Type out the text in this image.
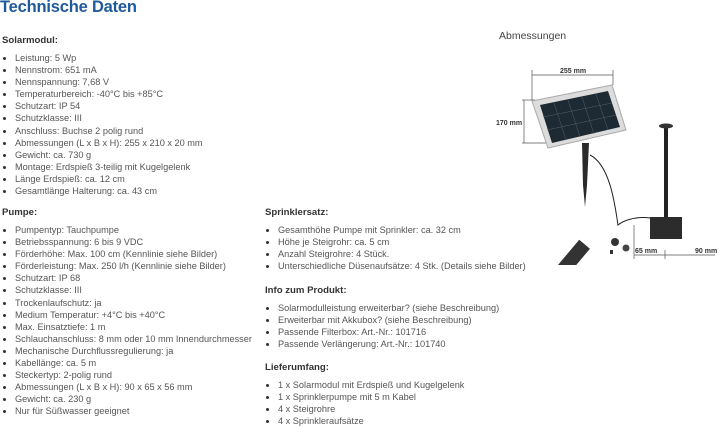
Technische Daten
Solarmodul:
Leistung: 5 Wp
Nennstrom: 651 mA
Nennspannung: 7,68 V
Temperaturbereich: -40°C bis +85°C
Schutzart: IP 54
Schutzklasse: III
Anschluss: Buchse 2 polig rund
Abmessungen (L x B x H): 255 x 210 x 20 mm
Gewicht: ca. 730 g
Montage: Erdspieß 3-teilig mit Kugelgelenk
Länge Erdspieß: ca. 12 cm
Gesamtlänge Halterung: ca. 43 cm
Pumpe:
Pumpentyp: Tauchpumpe
Betriebsspannung: 6 bis 9 VDC
Förderhöhe: Max. 100 cm (Kennlinie siehe Bilder)
Förderleistung: Max. 250 l/h (Kennlinie siehe Bilder)
Schutzart: IP 68
Schutzklasse: III
Trockenlaufschutz: ja
Medium Temperatur: +4°C bis +40°C
Max. Einsatztiefe: 1 m
Schlauchanschluss: 8 mm oder 10 mm Innendurchmesser
Mechanische Durchflussregulierung: ja
Kabellänge: ca. 5 m
Steckertyp: 2-polig rund
Abmessungen (L x B x H): 90 x 65 x 56 mm
Gewicht: ca. 230 g
Nur für Süßwasser geeignet
Sprinklersatz:
Gesamthöhe Pumpe mit Sprinkler: ca. 32 cm
Höhe je Steigrohr: ca. 5 cm
Anzahl Steigrohre: 4 Stück.
Unterschiedliche Düsenaufsätze: 4 Stk. (Details siehe Bilder)
Info zum Produkt:
Solarmodulleistung erweiterbar? (siehe Beschreibung)
Erweiterbar mit Akkubox? (siehe Beschreibung)
Passende Filterbox: Art.-Nr.: 101716
Passende Verlängerung: Art.-Nr.: 101740
Lieferumfang:
1 x Solarmodul mit Erdspieß und Kugelgelenk
1 x Sprinklerpumpe mit 5 m Kabel
4 x Steigrohre
4 x Sprinkleraufsätze
Abmessungen
255 mm
170 mm
65 mm	90 mm
